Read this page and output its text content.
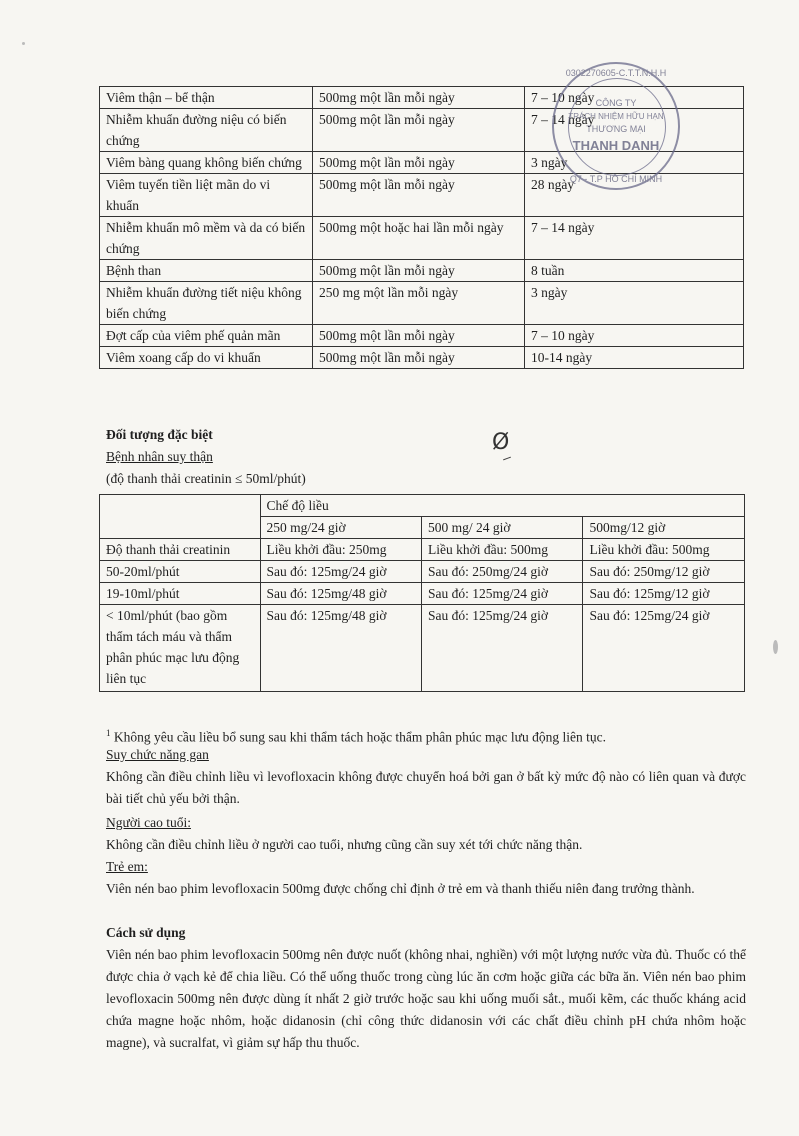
Viêm thận – bể thận	500mg một lần mỗi ngày	7 – 10 ngày
Nhiễm khuẩn đường niệu có biến chứng	500mg một lần mỗi ngày	7 – 14 ngày
Viêm bàng quang không biến chứng	500mg một lần mỗi ngày	3 ngày
Viêm tuyến tiền liệt mãn do vi khuẩn	500mg một lần mỗi ngày	28 ngày
Nhiễm khuẩn mô mềm và da có biến chứng	500mg một hoặc hai lần mỗi ngày	7 – 14 ngày
Bệnh than	500mg một lần mỗi ngày	8 tuần
Nhiễm khuẩn đường tiết niệu không biến chứng	250 mg một lần mỗi ngày	3 ngày
Đợt cấp của viêm phế quản mãn	500mg một lần mỗi ngày	7 – 10 ngày
Viêm xoang cấp do vi khuẩn	500mg một lần mỗi ngày	10-14 ngày
0302270605-C.T.T.N.H.H
CÔNG TY
TRÁCH NHIỆM HỮU HẠN
THƯƠNG MẠI
THANH DANH
Q7 - T.P HỒ CHÍ MINH
Đối tượng đặc biệt	Ø
Bệnh nhân suy thận
(độ thanh thải creatinin ≤ 50ml/phút)
	Chế độ liều		
	250 mg/24 giờ	500 mg/ 24 giờ	500mg/12 giờ
Độ thanh thải creatinin	Liều khởi đầu: 250mg	Liều khởi đầu: 500mg	Liều khởi đầu: 500mg
50-20ml/phút	Sau đó: 125mg/24 giờ	Sau đó: 250mg/24 giờ	Sau đó: 250mg/12 giờ
19-10ml/phút	Sau đó: 125mg/48 giờ	Sau đó: 125mg/24 giờ	Sau đó: 125mg/12 giờ
< 10ml/phút (bao gồm thẩm tách máu và thẩm phân phúc mạc lưu động liên tục	Sau đó: 125mg/48 giờ	Sau đó: 125mg/24 giờ	Sau đó: 125mg/24 giờ
$^1$ Không yêu cầu liều bổ sung sau khi thẩm tách hoặc thẩm phân phúc mạc lưu động liên tục.
Suy chức năng gan
Không cần điều chỉnh liều vì levofloxacin không được chuyển hoá bởi gan ở bất kỳ mức độ nào có liên quan và được bài tiết chủ yếu bởi thận.
Người cao tuổi:
Không cần điều chỉnh liều ở người cao tuổi, nhưng cũng cần suy xét tới chức năng thận.
Trẻ em:
Viên nén bao phim levofloxacin 500mg được chống chỉ định ở trẻ em và thanh thiếu niên đang trưởng thành.
Cách sử dụng
Viên nén bao phim levofloxacin 500mg nên được nuốt (không nhai, nghiền) với một lượng nước vừa đủ. Thuốc có thể được chia ở vạch kẻ để chia liều. Có thể uống thuốc trong cùng lúc ăn cơm hoặc giữa các bữa ăn. Viên nén bao phim levofloxacin 500mg nên được dùng ít nhất 2 giờ trước hoặc sau khi uống muối sắt., muối kẽm, các thuốc kháng acid chứa magne hoặc nhôm, hoặc didanosin (chỉ công thức didanosin với các chất điều chỉnh pH chứa nhôm hoặc magne), và sucralfat, vì giảm sự hấp thu thuốc.
